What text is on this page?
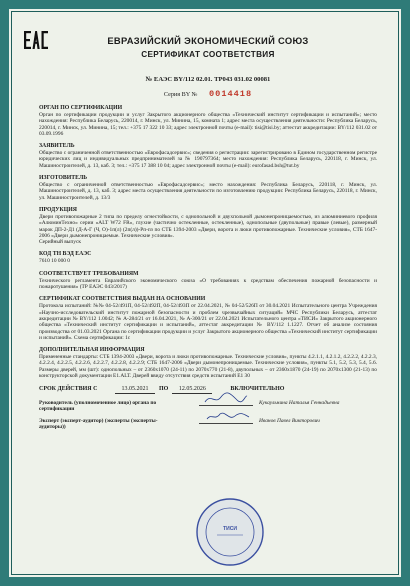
ЕВРАЗИЙСКИЙ ЭКОНОМИЧЕСКИЙ СОЮЗ
СЕРТИФИКАТ СООТВЕТСТВИЯ
№ ЕАЭС BY/112 02.01. ТР043 031.02 00081
Серия BY № 0014418
ОРГАН ПО СЕРТИФИКАЦИИ
Орган по сертификации продукции и услуг Закрытого акционерного общества «Технический институт сертификации и испытаний»; место нахождения: Республика Беларусь, 220014, г. Минск, ул. Минина, 15, комната 1; адрес места осуществления деятельности: Республика Беларусь, 220014, г. Минск, ул. Минина, 15; тел.: +375 17 322 10 33; адрес электронной почты (e-mail): tisi@tisi.by; аттестат аккредитации: BY/112 031.02 от 03.09.1996
ЗАЯВИТЕЛЬ
Общество с ограниченной ответственностью «Еврофасадсервис»; сведения о регистрации: зарегистрировано в Едином государственном регистре юридических лиц и индивидуальных предпринимателей за № 190797364; место нахождения: Республика Беларусь, 220118, г. Минск, ул. Машиностроителей, д. 13, каб. 3; тел.: +375 17 388 10 04; адрес электронной почты (e-mail): eurofasad.bsh@tut.by
ИЗГОТОВИТЕЛЬ
Общество с ограниченной ответственностью «Еврофасадсервис»; место нахождения: Республика Беларусь, 220118, г. Минск, ул. Машиностроителей, д. 13, каб. 3; адрес места осуществления деятельности по изготовлению продукции: Республика Беларусь, 220118, г. Минск, ул. Машиностроителей, д. 13/3
ПРОДУКЦИЯ
Двери противопожарные 2 типа по пределу огнестойкости, с однопольной и двухпольной дымонепроницаемостью, из алюминиевого профиля «АлюминТехно» серии «ALT W72 FR», глухие (частично остекленные, остекленные), однопольные (двупольные) правые (левые), размерный марок ДП-2-Д1 (Д-А-Г (Ч, О)-1п(л) (2п(л))-Рп-пз по СТБ 1394-2003 «Двери, ворота и люки противопожарные. Технические условия», СТБ 1647-2006 «Двери дымонепроницаемые. Технические условия».
Серийный выпуск
КОД ТН ВЭД ЕАЭС
7610 10 000 0
СООТВЕТСТВУЕТ ТРЕБОВАНИЯМ
Технического регламента Евразийского экономического союза «О требованиях к средствам обеспечения пожарной безопасности и пожаротушения» (ТР ЕАЭС 043/2017)
СЕРТИФИКАТ СООТВЕТСТВИЯ ВЫДАН НА ОСНОВАНИИ
Протокола испытаний: №№ 04-52/491П, 04-52/492П, 04-52/493П от 22.04.2021, № 04-52/526П от 30.04.2021 Испытательного центра Учреждения «Научно-исследовательский институт пожарной безопасности и проблем чрезвычайных ситуаций» МЧС Республики Беларусь, аттестат аккредитации № BY/112 1.0042; № А-284/21 от 16.04.2021, № А-300/21 от 22.04.2021 Испытательного центра «ТИСИ» Закрытого акционерного общества «Технический институт сертификации и испытаний», аттестат аккредитации № BY/112 1.1227. Отчет об анализе состояния производства от 01.03.2021 Органа по сертификации продукции и услуг Закрытого акционерного общества «Технический институт сертификации и испытаний». Схема сертификации: 1с
ДОПОЛНИТЕЛЬНАЯ ИНФОРМАЦИЯ
Примененные стандарты: СТБ 1394-2003 «Двери, ворота и люки противопожарные. Технические условия», пункты 4.2.1.1, 4.2.1.2, 4.2.2.2, 4.2.2.3, 4.2.2.4, 4.2.2.5, 4.2.2.6, 4.2.2.7, 4.2.2.8, 4.2.2.9; СТБ 1647-2006 «Двери дымонепроницаемые. Технические условия», пункты 5.1, 5.2, 5.3, 5.4, 5.6. Размеры дверей, мм (шт): однопольных – от 2360х1070 (24-11) по 2070х770 (21-8), двупольных – от 2360х1870 (24-19) по 2070х1300 (21-13) по конструкторской документации Е1.ALT. Дверей ввиду отсутствия средств испытаний Е1 30
СРОК ДЕЙСТВИЯ С	13.05.2021	ПО	12.05.2026	ВКЛЮЧИТЕЛЬНО
Руководитель (уполномоченное лицо) органа по сертификации
Кукаульнина Наталья Геннадьевна
Эксперт (эксперт-аудитор) (эксперты (эксперты-аудиторы))
Иванов Павел Викторович
ТИСИ
